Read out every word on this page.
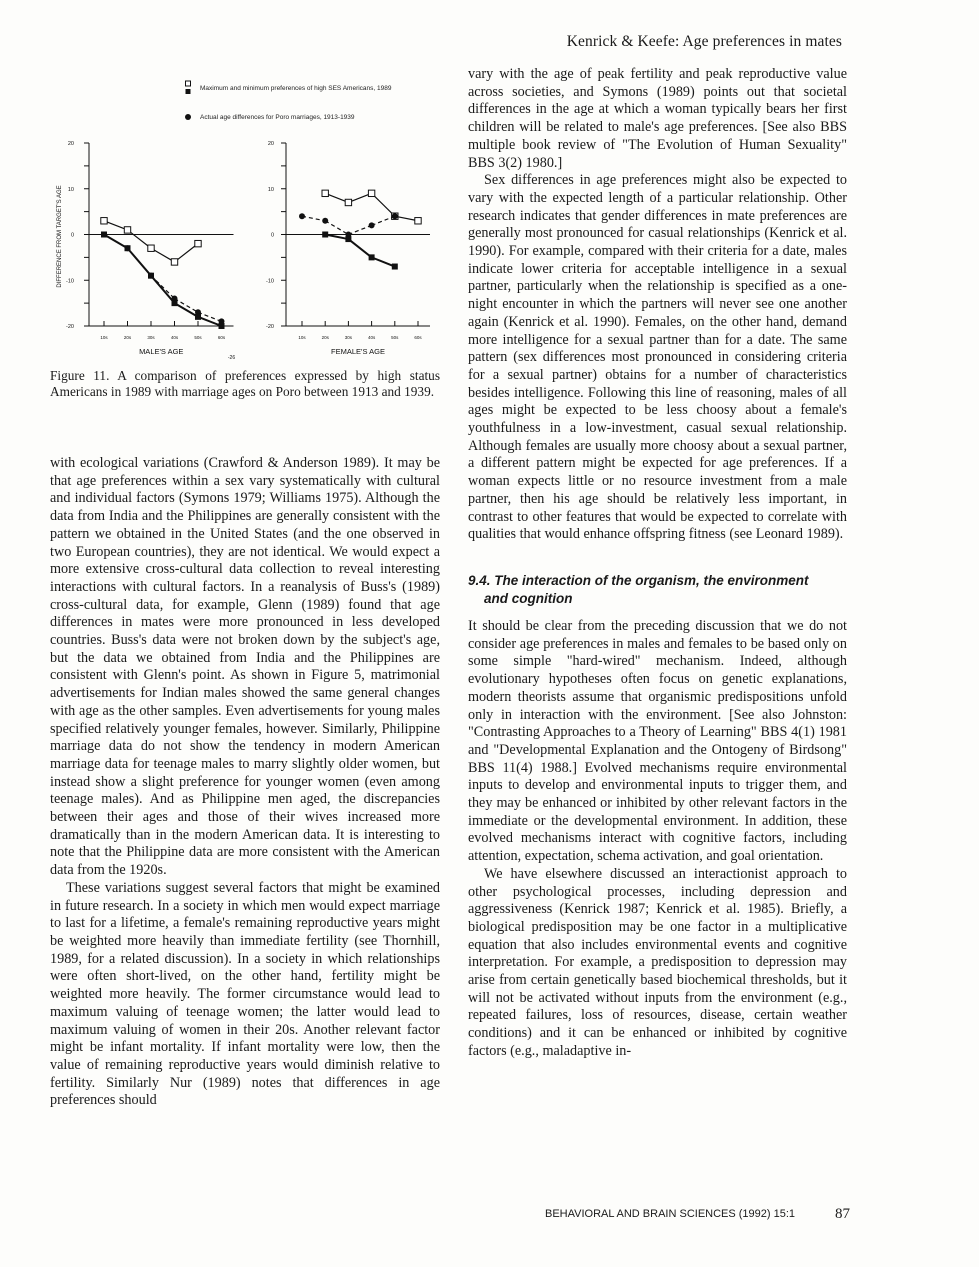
Kenrick & Keefe: Age preferences in mates
Maximum and minimum preferences of high SES Americans, 1989
Actual age differences for Poro marriages, 1913-1939
20
10
0
-10
-20
10s	20s	30s	40s	50s	60s
MALE'S AGE
DIFFERENCE FROM TARGET'S AGE
-26
20
10
0
-10
-20
10s	20s	30s	40s	50s	60s
FEMALE'S AGE
Figure 11. A comparison of preferences expressed by high status Americans in 1989 with marriage ages on Poro between 1913 and 1939.

with ecological variations (Crawford & Anderson 1989). It may be that age preferences within a sex vary systematically with cultural and individual factors (Symons 1979; Williams 1975). Although the data from India and the Philippines are generally consistent with the pattern we obtained in the United States (and the one observed in two European countries), they are not identical. We would expect a more extensive cross-cultural data collection to reveal interesting interactions with cultural factors. In a reanalysis of Buss's (1989) cross-cultural data, for example, Glenn (1989) found that age differences in mates were more pronounced in less developed countries. Buss's data were not broken down by the subject's age, but the data we obtained from India and the Philippines are consistent with Glenn's point. As shown in Figure 5, matrimonial advertisements for Indian males showed the same general changes with age as the other samples. Even advertisements for young males specified relatively younger females, however. Similarly, Philippine marriage data do not show the tendency in modern American marriage data for teenage males to marry slightly older women, but instead show a slight preference for younger women (even among teenage males). And as Philippine men aged, the discrepancies between their ages and those of their wives increased more dramatically than in the modern American data. It is interesting to note that the Philippine data are more consistent with the American data from the 1920s.

These variations suggest several factors that might be examined in future research. In a society in which men would expect marriage to last for a lifetime, a female's remaining reproductive years might be weighted more heavily than immediate fertility (see Thornhill, 1989, for a related discussion). In a society in which relationships were often short-lived, on the other hand, fertility might be weighted more heavily. The former circumstance would lead to maximum valuing of teenage women; the latter would lead to maximum valuing of women in their 20s. Another relevant factor might be infant mortality. If infant mortality were low, then the value of remaining reproductive years would diminish relative to fertility. Similarly Nur (1989) notes that differences in age preferences should

vary with the age of peak fertility and peak reproductive value across societies, and Symons (1989) points out that societal differences in the age at which a woman typically bears her first children will be related to male's age preferences. [See also BBS multiple book review of "The Evolution of Human Sexuality" BBS 3(2) 1980.]

Sex differences in age preferences might also be expected to vary with the expected length of a particular relationship. Other research indicates that gender differences in mate preferences are generally most pronounced for casual relationships (Kenrick et al. 1990). For example, compared with their criteria for a date, males indicate lower criteria for acceptable intelligence in a sexual partner, particularly when the relationship is specified as a one-night encounter in which the partners will never see one another again (Kenrick et al. 1990). Females, on the other hand, demand more intelligence for a sexual partner than for a date. The same pattern (sex differences most pronounced in considering criteria for a sexual partner) obtains for a number of characteristics besides intelligence. Following this line of reasoning, males of all ages might be expected to be less choosy about a female's youthfulness in a low-investment, casual sexual relationship. Although females are usually more choosy about a sexual partner, a different pattern might be expected for age preferences. If a woman expects little or no resource investment from a male partner, then his age should be relatively less important, in contrast to other features that would be expected to correlate with qualities that would enhance offspring fitness (see Leonard 1989).

9.4. The interaction of the organism, the environment
and cognition

It should be clear from the preceding discussion that we do not consider age preferences in males and females to be based only on some simple "hard-wired" mechanism. Indeed, although evolutionary hypotheses often focus on genetic explanations, modern theorists assume that organismic predispositions unfold only in interaction with the environment. [See also Johnston: "Contrasting Approaches to a Theory of Learning" BBS 4(1) 1981 and "Developmental Explanation and the Ontogeny of Birdsong" BBS 11(4) 1988.] Evolved mechanisms require environmental inputs to develop and environmental inputs to trigger them, and they may be enhanced or inhibited by other relevant factors in the immediate or the developmental environment. In addition, these evolved mechanisms interact with cognitive factors, including attention, expectation, schema activation, and goal orientation.

We have elsewhere discussed an interactionist approach to other psychological processes, including depression and aggressiveness (Kenrick 1987; Kenrick et al. 1985). Briefly, a biological predisposition may be one factor in a multiplicative equation that also includes environmental events and cognitive interpretation. For example, a predisposition to depression may arise from certain genetically based biochemical thresholds, but it will not be activated without inputs from the environment (e.g., repeated failures, loss of resources, disease, certain weather conditions) and it can be enhanced or inhibited by cognitive factors (e.g., maladaptive in-

BEHAVIORAL AND BRAIN SCIENCES (1992) 15:1	87
